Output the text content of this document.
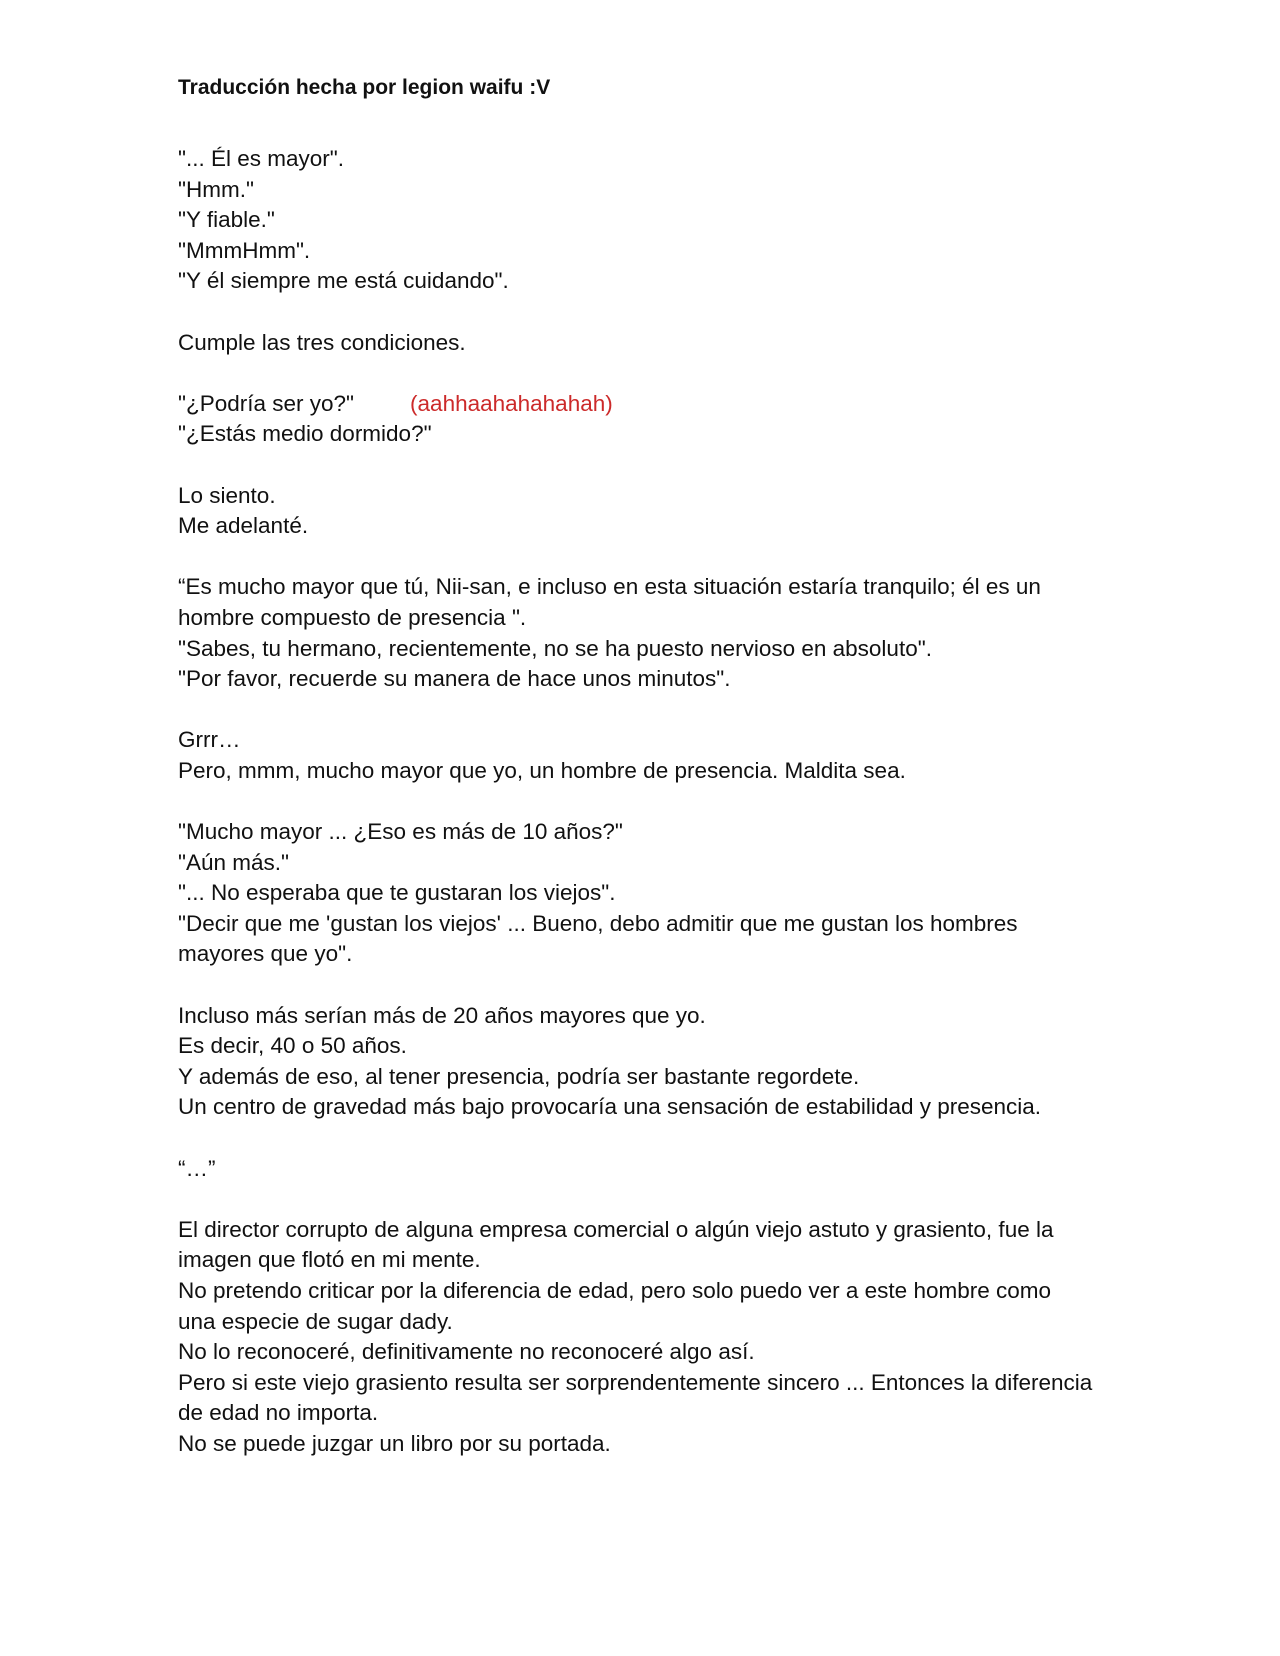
Traducción hecha por legion waifu :V
"... Él es mayor".
"Hmm."
"Y fiable."
"MmmHmm".
"Y él siempre me está cuidando".
Cumple las tres condiciones.
"¿Podría ser yo?" (aahhaahahahahah)
"¿Estás medio dormido?"
Lo siento.
Me adelanté.
“Es mucho mayor que tú, Nii-san, e incluso en esta situación estaría tranquilo; él es un
hombre compuesto de presencia ".
"Sabes, tu hermano, recientemente, no se ha puesto nervioso en absoluto".
"Por favor, recuerde su manera de hace unos minutos".
Grrr…
Pero, mmm, mucho mayor que yo, un hombre de presencia. Maldita sea.
"Mucho mayor ... ¿Eso es más de 10 años?"
"Aún más."
"... No esperaba que te gustaran los viejos".
"Decir que me 'gustan los viejos' ... Bueno, debo admitir que me gustan los hombres
mayores que yo".
Incluso más serían más de 20 años mayores que yo.
Es decir, 40 o 50 años.
Y además de eso, al tener presencia, podría ser bastante regordete.
Un centro de gravedad más bajo provocaría una sensación de estabilidad y presencia.
“…”
El director corrupto de alguna empresa comercial o algún viejo astuto y grasiento, fue la
imagen que flotó en mi mente.
No pretendo criticar por la diferencia de edad, pero solo puedo ver a este hombre como
una especie de sugar dady.
No lo reconoceré, definitivamente no reconoceré algo así.
Pero si este viejo grasiento resulta ser sorprendentemente sincero ... Entonces la diferencia
de edad no importa.
No se puede juzgar un libro por su portada.
